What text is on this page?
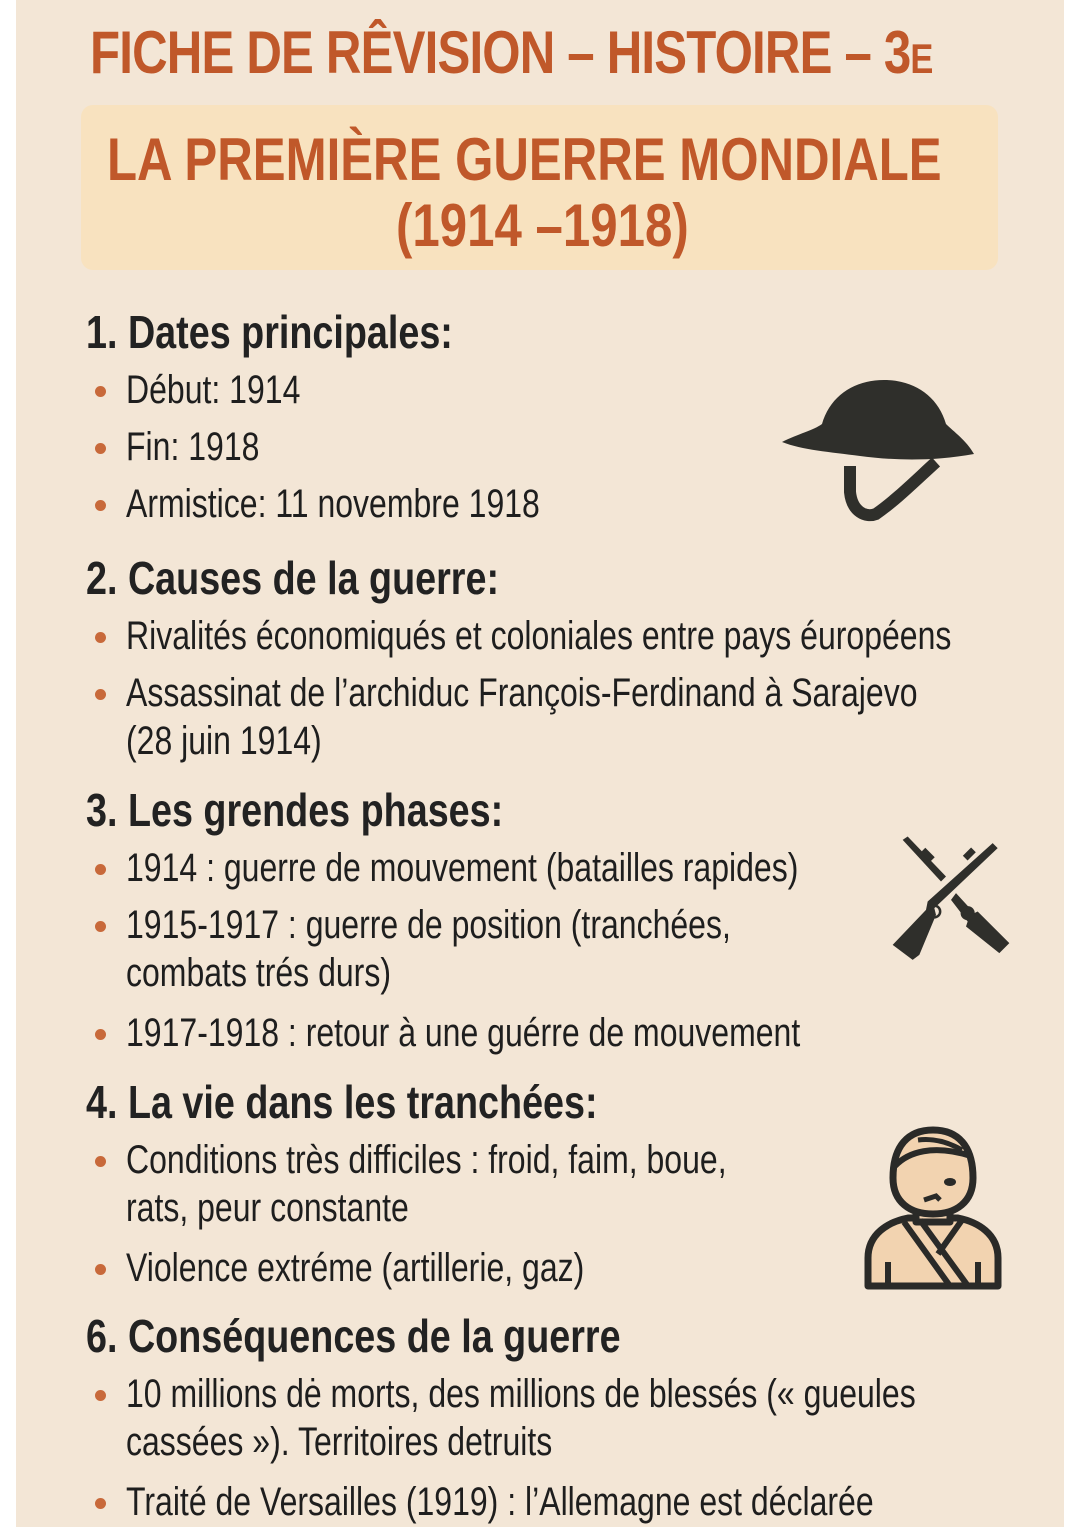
FICHE DE RÊVISION – HISTOIRE – 3E
LA PREMIÈRE GUERRE MONDIALE
(1914 –1918)
1. Dates principales:
Début: 1914
Fin: 1918
Armistice: 11 novembre 1918
2. Causes de la guerre:
Rivalités économiqués et coloniales entre pays éuropéens
Assassinat de l’archiduc François-Ferdinand à Sarajevo
(28 juin 1914)
3. Les grendes phases:
1914 : guerre de mouvement (batailles rapides)
1915-1917 : guerre de position (tranchées,
combats trés durs)
1917-1918 : retour à une guérre de mouvement
4. La vie dans les tranchées:
Conditions très difficiles : froid, faim, boue,
rats, peur constante
Violence extréme (artillerie, gaz)
6. Conséquences de la guerre
10 millions dė morts, des millions de blessés (« gueules
cassées »). Territoires detruits
Traité de Versailles (1919) : l’Allemagne est déclarée
